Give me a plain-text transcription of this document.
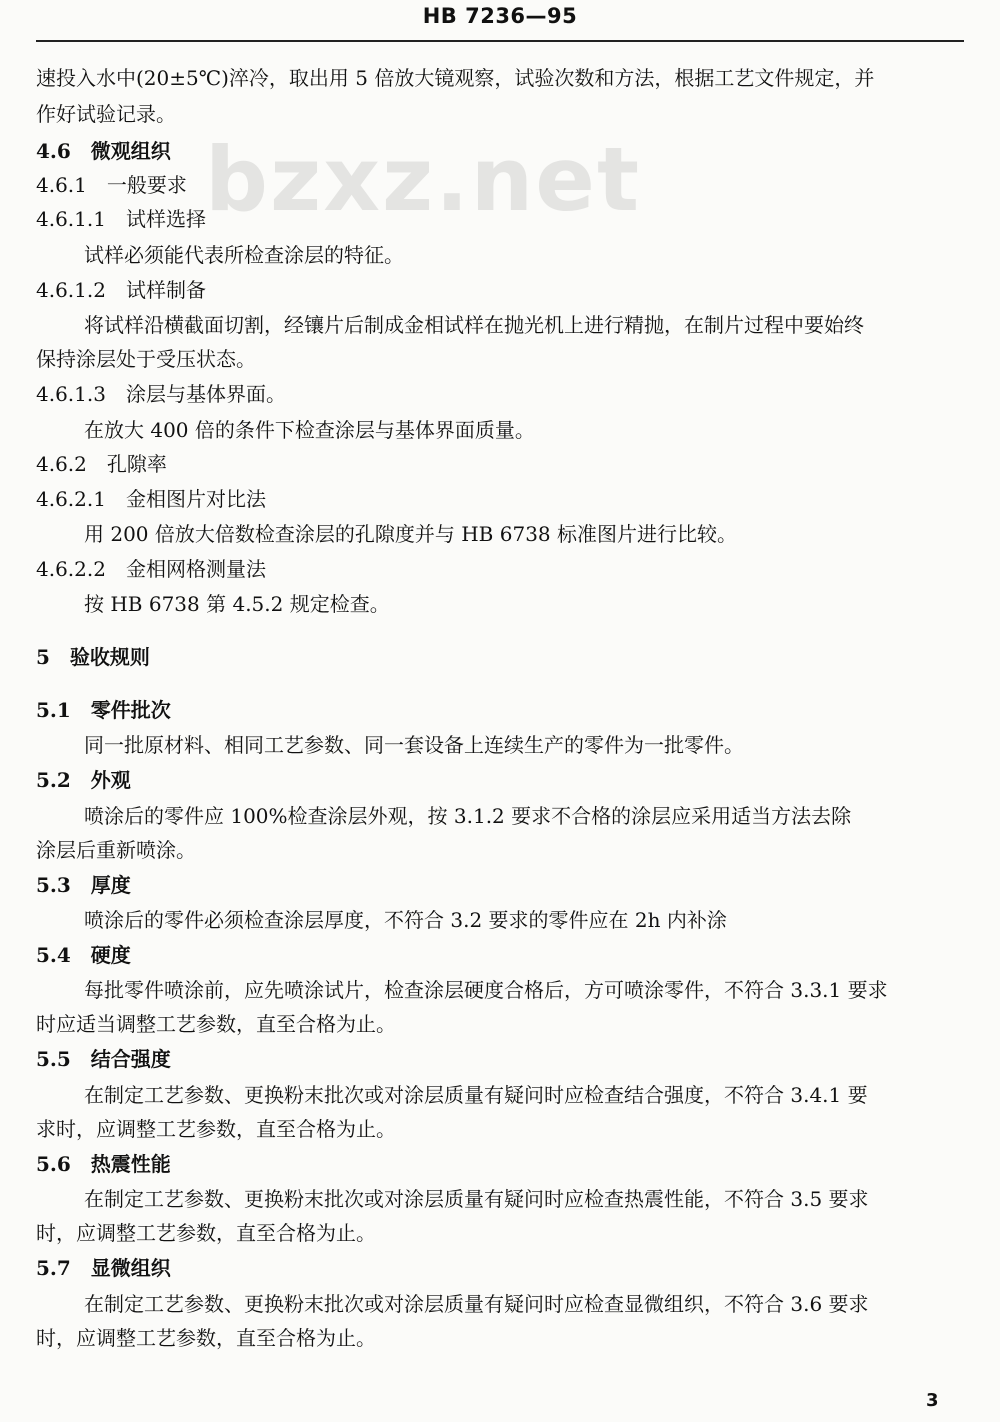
HB 7236—95
bzxz.net
速投入水中(20±5℃)淬冷，取出用 5 倍放大镜观察，试验次数和方法，根据工艺文件规定，并
作好试验记录。
4.6　微观组织
4.6.1　一般要求
4.6.1.1　试样选择
试样必须能代表所检查涂层的特征。
4.6.1.2　试样制备
将试样沿横截面切割，经镶片后制成金相试样在抛光机上进行精抛，在制片过程中要始终
保持涂层处于受压状态。
4.6.1.3　涂层与基体界面。
在放大 400 倍的条件下检查涂层与基体界面质量。
4.6.2　孔隙率
4.6.2.1　金相图片对比法
用 200 倍放大倍数检查涂层的孔隙度并与 HB 6738 标准图片进行比较。
4.6.2.2　金相网格测量法
按 HB 6738 第 4.5.2 规定检查。
5　验收规则
5.1　零件批次
同一批原材料、相同工艺参数、同一套设备上连续生产的零件为一批零件。
5.2　外观
喷涂后的零件应 100%检查涂层外观，按 3.1.2 要求不合格的涂层应采用适当方法去除
涂层后重新喷涂。
5.3　厚度
喷涂后的零件必须检查涂层厚度，不符合 3.2 要求的零件应在 2h 内补涂
5.4　硬度
每批零件喷涂前，应先喷涂试片，检查涂层硬度合格后，方可喷涂零件，不符合 3.3.1 要求
时应适当调整工艺参数，直至合格为止。
5.5　结合强度
在制定工艺参数、更换粉末批次或对涂层质量有疑问时应检查结合强度，不符合 3.4.1 要
求时，应调整工艺参数，直至合格为止。
5.6　热震性能
在制定工艺参数、更换粉末批次或对涂层质量有疑问时应检查热震性能，不符合 3.5 要求
时，应调整工艺参数，直至合格为止。
5.7　显微组织
在制定工艺参数、更换粉末批次或对涂层质量有疑问时应检查显微组织，不符合 3.6 要求
时，应调整工艺参数，直至合格为止。
3
